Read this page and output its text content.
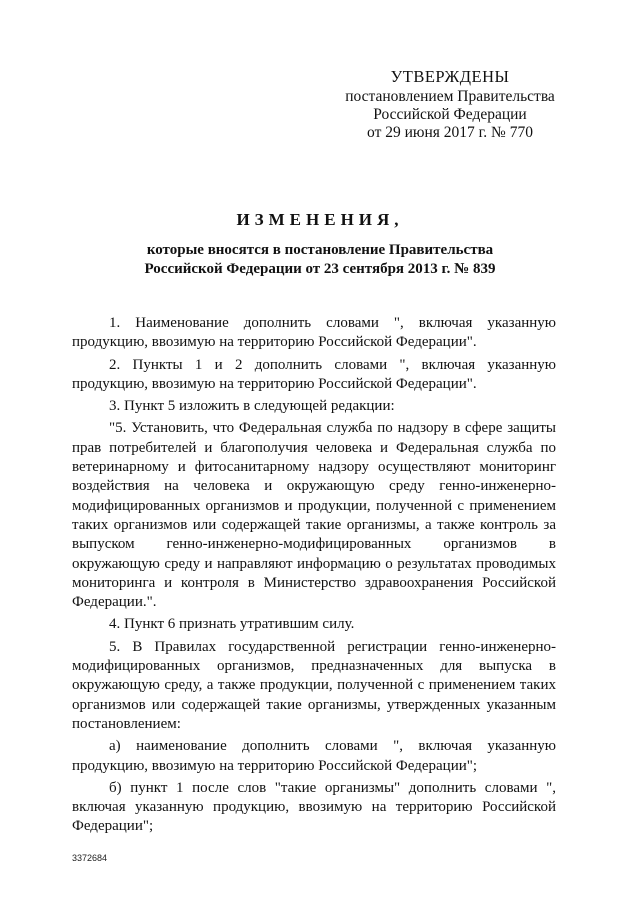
УТВЕРЖДЕНЫ
постановлением Правительства
Российской Федерации
от 29 июня 2017 г. № 770
ИЗМЕНЕНИЯ,
которые вносятся в постановление Правительства
Российской Федерации от 23 сентября 2013 г. № 839

1. Наименование дополнить словами ", включая указанную продукцию, ввозимую на территорию Российской Федерации".

2. Пункты 1 и 2 дополнить словами ", включая указанную продукцию, ввозимую на территорию Российской Федерации".

3. Пункт 5 изложить в следующей редакции:

"5. Установить, что Федеральная служба по надзору в сфере защиты прав потребителей и благополучия человека и Федеральная служба по ветеринарному и фитосанитарному надзору осуществляют мониторинг воздействия на человека и окружающую среду генно-инженерно-модифицированных организмов и продукции, полученной с применением таких организмов или содержащей такие организмы, а также контроль за выпуском генно-инженерно-модифицированных организмов в окружающую среду и направляют информацию о результатах проводимых мониторинга и контроля в Министерство здравоохранения Российской Федерации.".

4. Пункт 6 признать утратившим силу.

5. В Правилах государственной регистрации генно-инженерно-модифицированных организмов, предназначенных для выпуска в окружающую среду, а также продукции, полученной с применением таких организмов или содержащей такие организмы, утвержденных указанным постановлением:

а) наименование дополнить словами ", включая указанную продукцию, ввозимую на территорию Российской Федерации";

б) пункт 1 после слов "такие организмы" дополнить словами ", включая указанную продукцию, ввозимую на территорию Российской Федерации";

3372684
